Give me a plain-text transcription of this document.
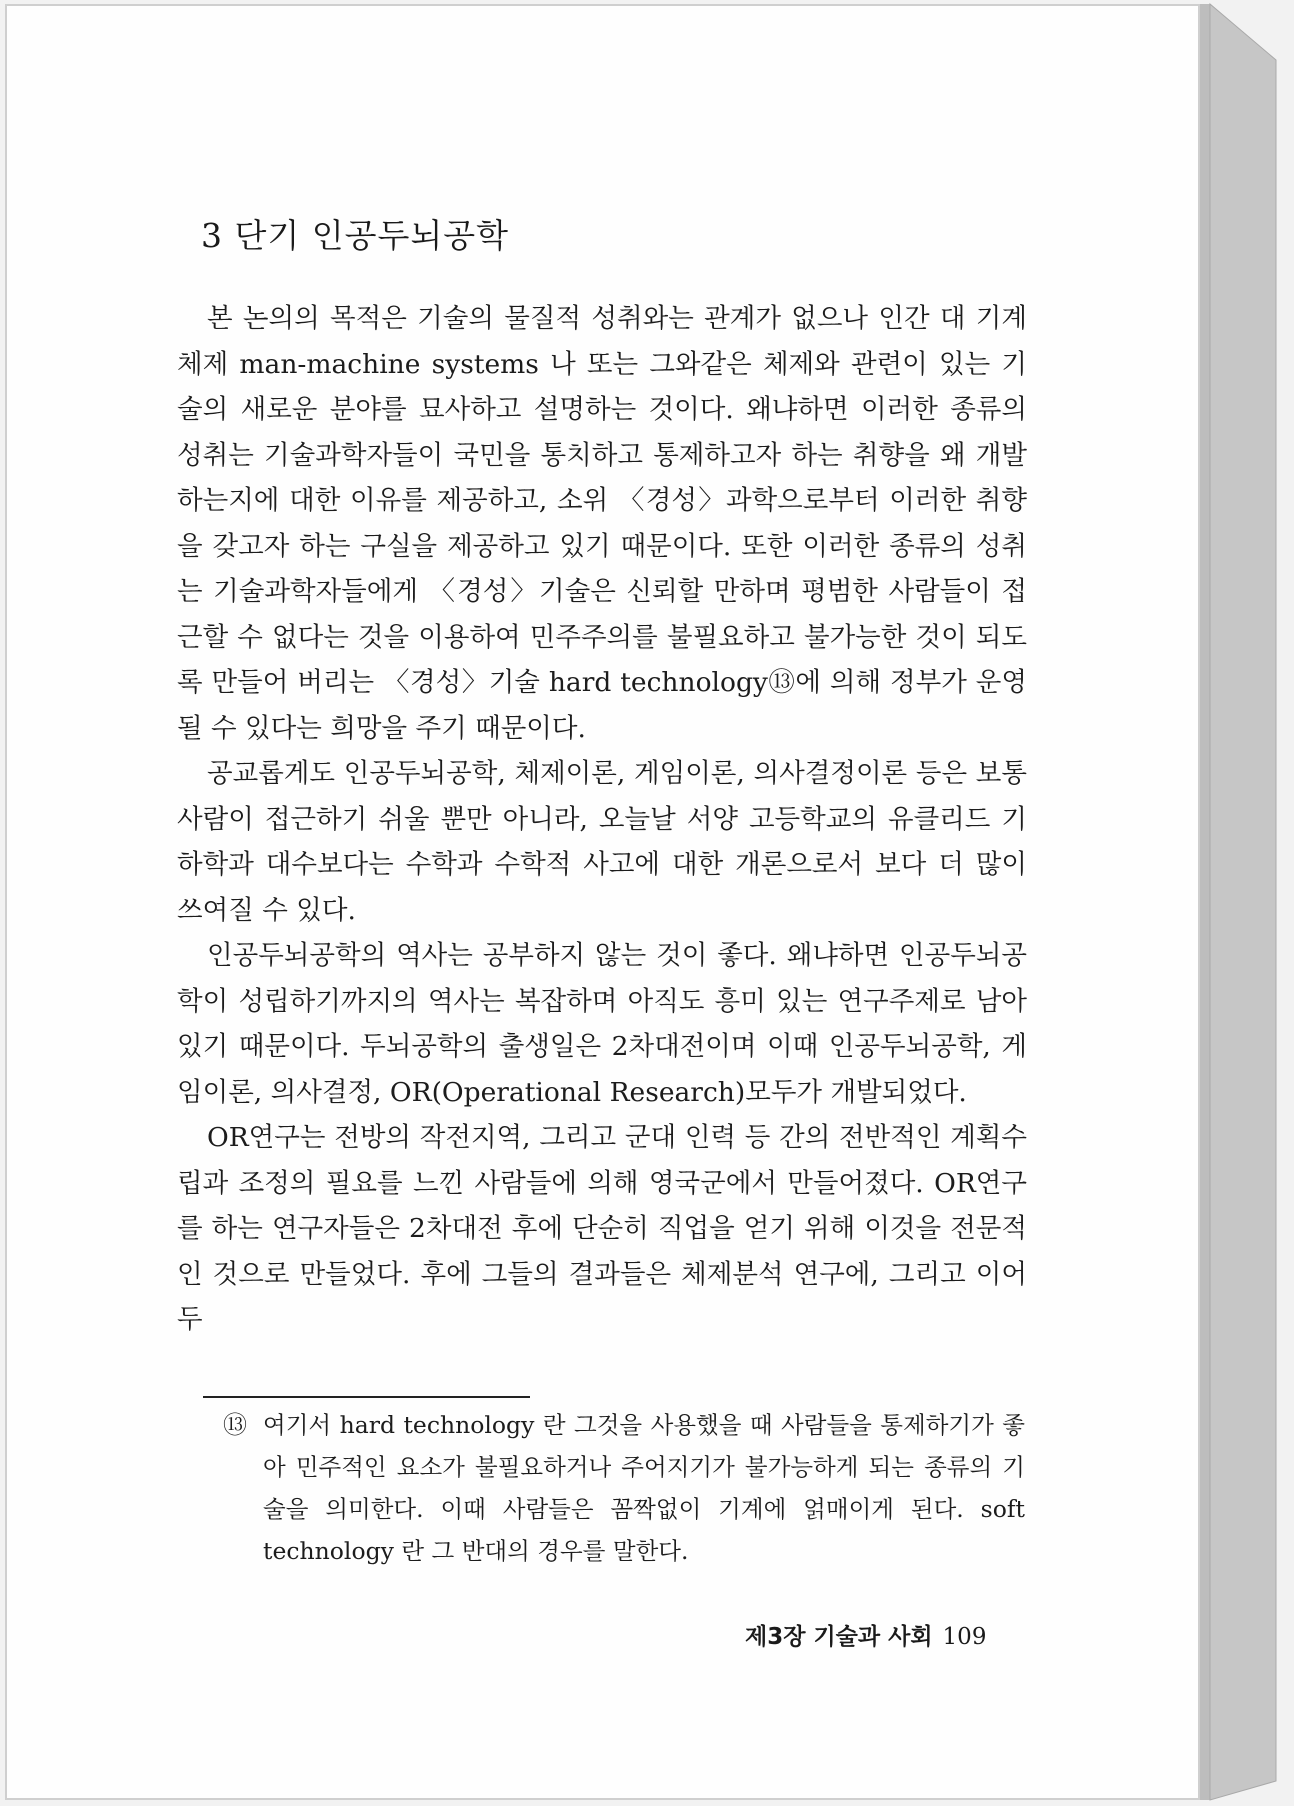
3 단기 인공두뇌공학

본 논의의 목적은 기술의 물질적 성취와는 관계가 없으나 인간 대 기계체제 man-machine systems 나 또는 그와같은 체제와 관련이 있는 기술의 새로운 분야를 묘사하고 설명하는 것이다. 왜냐하면 이러한 종류의 성취는 기술과학자들이 국민을 통치하고 통제하고자 하는 취향을 왜 개발하는지에 대한 이유를 제공하고, 소위 〈경성〉과학으로부터 이러한 취향을 갖고자 하는 구실을 제공하고 있기 때문이다. 또한 이러한 종류의 성취는 기술과학자들에게 〈경성〉기술은 신뢰할 만하며 평범한 사람들이 접근할 수 없다는 것을 이용하여 민주주의를 불필요하고 불가능한 것이 되도록 만들어 버리는 〈경성〉기술 hard technology⑬에 의해 정부가 운영될 수 있다는 희망을 주기 때문이다.

공교롭게도 인공두뇌공학, 체제이론, 게임이론, 의사결정이론 등은 보통사람이 접근하기 쉬울 뿐만 아니라, 오늘날 서양 고등학교의 유클리드 기하학과 대수보다는 수학과 수학적 사고에 대한 개론으로서 보다 더 많이 쓰여질 수 있다.

인공두뇌공학의 역사는 공부하지 않는 것이 좋다. 왜냐하면 인공두뇌공학이 성립하기까지의 역사는 복잡하며 아직도 흥미 있는 연구주제로 남아 있기 때문이다. 두뇌공학의 출생일은 2차대전이며 이때 인공두뇌공학, 게임이론, 의사결정, OR(Operational Research)모두가 개발되었다.

OR연구는 전방의 작전지역, 그리고 군대 인력 등 간의 전반적인 계획수립과 조정의 필요를 느낀 사람들에 의해 영국군에서 만들어졌다. OR연구를 하는 연구자들은 2차대전 후에 단순히 직업을 얻기 위해 이것을 전문적인 것으로 만들었다. 후에 그들의 결과들은 체제분석 연구에, 그리고 이어 두

⑬ 여기서 hard technology 란 그것을 사용했을 때 사람들을 통제하기가 좋아 민주적인 요소가 불필요하거나 주어지기가 불가능하게 되는 종류의 기술을 의미한다. 이때 사람들은 꼼짝없이 기계에 얽매이게 된다. soft technology 란 그 반대의 경우를 말한다.
제3장 기술과 사회 109
